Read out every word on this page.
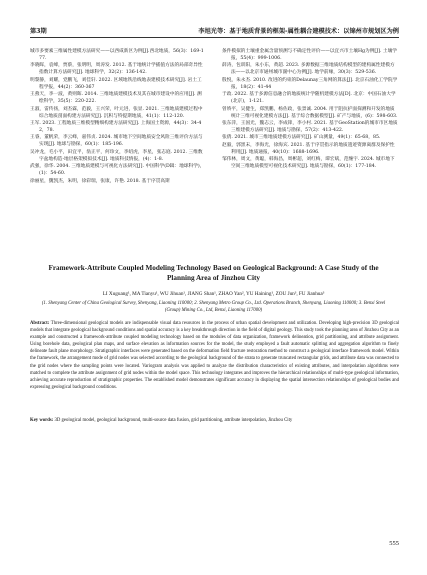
第3期	李旭光等：基于地质背景的框架-属性耦合建模技术：以锦州市规划区为例

城市多要素三维属性建模方法研究——以西咸新区为例[J].西北地质，56(3)：169-177.

李晓晖，袁峰，贾蔡，张明明，周涛发. 2012. 基于地统计学插值方法的局部奇异性指数计算方法研究[J]. 地球科学，32(2)：136-142.

明黎静，刘耀，党鹏飞，刘佳轩. 2022. 区域地铁沿线地表建模技术研究[J]. 岩土工程学报，44(2)：360-367

王燕天，李一波，黄则晖. 2014. 三维地质建模技术及其在城市建设中的应用[J]. 测绘科学，35(5)：220-222.

王淑，雷传扬，刘杰霖，范毅，王兴荣，叶元进，张显. 2021. 三维地质建模过程中综合地质剖面构建方法研究[J]. 沉积与特提斯地质，41(1)：112-120.

王军. 2023. 工程地质三维模型精细构建方法研究[J]. 上海国土资源，44(3)：34-42，78.

王睿，董帆荣，李云峰，嘉伟贞. 2024. 城市地下空间地质安全风险三维评价方法与实现[J]. 地球与勘探，60(1)：185-196.

吴冲龙，毛小平，田宜平，翁正平，何珍文，李绍虎，李星，张志庭. 2012. 三维数字盆地构造-地层格架模拟技术[J]. 地质科技情报，(4)：1-8.

武强，徐华. 2004. 三维地质建模与可视化方法研究[J]. 中国科学(D辑：地球科学)，(1)：54-60.

徐丽星，魏凯杰，朱明，徐彩瑞，张康，许艳. 2018. 基于序贯高斯

条件模拟的土壤重金属含量预测与不确定性评价——以宜兴市土壤Hg为例[J]. 土壤学报，55(4)：999-1006.

薛涛，包训阳，朱小东，黄超. 2023. 多源数据三维地质结构模型的建构属性建模方法——以北京市通州城市副中心为例[J]. 地学前缘，30(3)：529-536.

殷悦，朱永杰. 2010. 改进的约束的Delaunay三角网的算法[J]. 北京石油化工学院学报，18(2)：41-44

于政. 2022. 基于多源信息融合的地质统计学随机建模方法[D]. 北京：中国石油大学(北京)，1-121.

曾娇平，吴健生，郑凯鹏，杨佐政，张景诚. 2004. 用于阻抗护面探测和开发的地质统计三维可视化建模方法[J]. 基于综合数据模型[J]. 矿产与地质，(6)：598-603.

张东萍，王国光，魏志云，李成锋，李小村. 2021. 基于GeoStation的城市市区地质三维建模方法研究[J]. 地质与勘探，57(2)：413-422.

张倩. 2021. 城市三维地质建模方法研究[J]. 矿山测量，49(1)：65-68，85.

赵毅，郭黑末，李海光，徐海宾. 2021. 基于序贯指示的地质遗迹资源离群及保护性利用[J]. 地质通报，40(10)：1688-1696.

邹伟林，周文，黄聪，韩海昌，周彬超，刘红梅，谭宏斌，范缠宇. 2024. 城市地下空间三维地质模型可视化技术研究[J]. 地质与勘探，60(1)：177-184.

Framework-Attribute Coupled Modeling Technology Based on Geological Background: A Case Study of the Planning Area of Jinzhou City

LI Xuguang¹, MA Tianyu¹, WU Jihuan¹, JIANG Shan¹, ZHAO Yan², YU Haining¹, ZOU Jun³, FU Jianhua³

(1. Shenyang Center of China Geological Survey, Shenyang, Liaoning 110000; 2. Shenyang Metro Group Co., Ltd. Operations Branch, Shenyang, Liaoning 110000; 3. Benxi Steel (Group) Mining Co., Ltd, Benxi, Liaoning 117000)

Abstract: Three-dimensional geological models are indispensable visual data resources in the process of urban spatial development and utilization. Developing high-precision 3D geological models that integrate geological background conditions and spatial accuracy is a key breakthrough direction in the field of digital geology. This study took the planning area of Jinzhou City as an example and constructed a framework-attribute coupled modeling technology based on the modules of data organization, framework delineation, grid partitioning, and attribute assignment. Using borehole data, geological plan maps, and surface elevation as information sources for the model, the study employed a fault automatic splitting and aggregation algorithm to finely delineate fault plane morphology. Stratigraphic interfaces were generated based on the deformation field fracture restoration method to construct a geological interface framework model. Within the framework, the arrangement mode of grid nodes was selected according to the geological background of the strata to generate truncated rectangular grids, and attribute data was connected to the grid nodes where the sampling points were located. Variogram analysis was applied to analyze the distribution characteristics of existing attributes, and interpolation algorithms were matched to complete the attribute assignment of grid nodes within the model space. This technology integrates and improves the hierarchical relationships of multi-type geological information, achieving accurate reproduction of stratigraphic properties. The established model demonstrates significant accuracy in displaying the spatial intersection relationships of geological bodies and expressing geological background conditions.

Key words: 3D geological model, geological background, multi-source data fusion, grid partitioning, attribute interpolation, Jinzhou City

555
